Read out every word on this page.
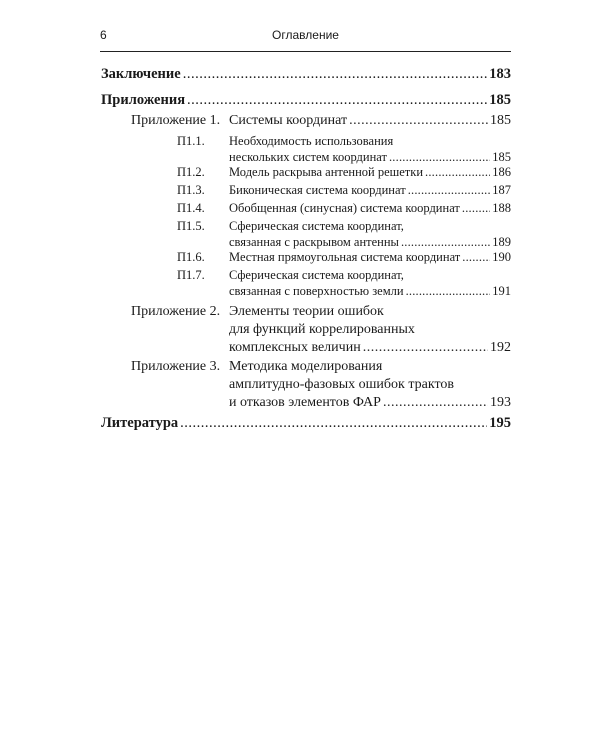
6	Оглавление
Заключение .....	183
Приложения .....	185
Приложение 1. Системы координат .....	185
П1.1. Необходимость использования
нескольких систем координат .....	185
П1.2. Модель раскрыва антенной решетки .....	186
П1.3. Биконическая система координат .....	187
П1.4. Обобщенная (синусная) система координат .....	188
П1.5. Сферическая система координат,
связанная с раскрывом антенны .....	189
П1.6. Местная прямоугольная система координат .....	190
П1.7. Сферическая система координат,
связанная с поверхностью земли .....	191
Приложение 2. Элементы теории ошибок
для функций коррелированных
комплексных величин .....	192
Приложение 3. Методика моделирования
амплитудно-фазовых ошибок трактов
и отказов элементов ФАР .....	193
Литература .....	195
